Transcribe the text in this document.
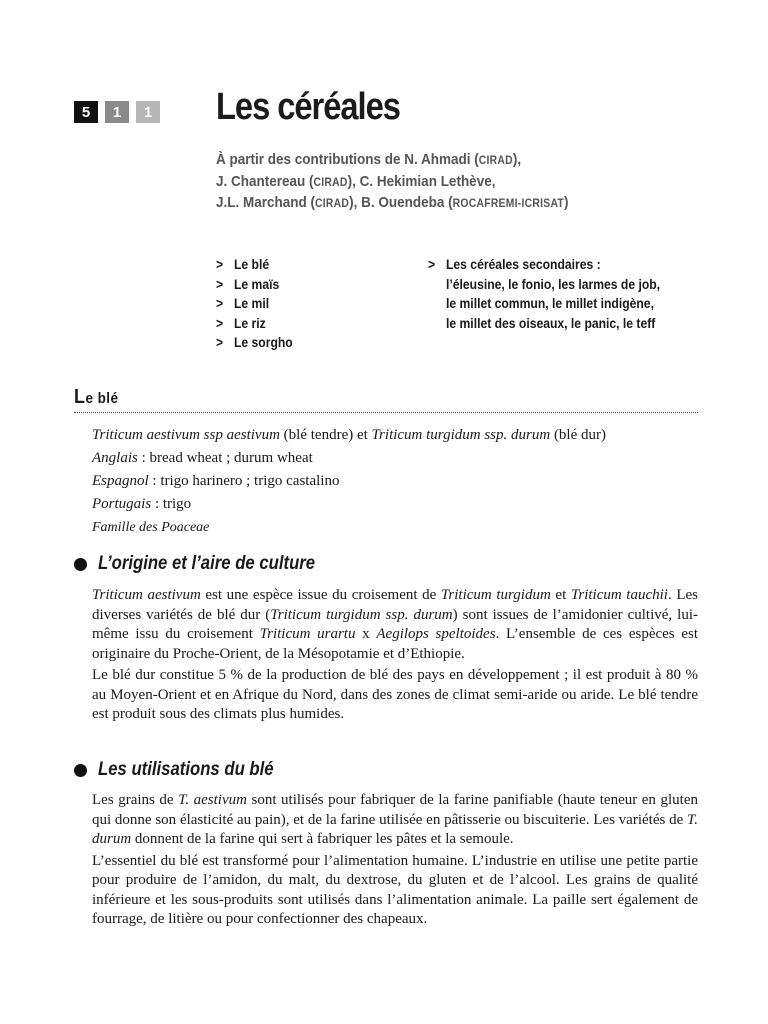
5	1	1 Les céréales
À partir des contributions de N. Ahmadi (CIRAD),
J. Chantereau (CIRAD), C. Hekimian Lethève,
J.L. Marchand (CIRAD), B. Ouendeba (ROCAFREMI-ICRISAT)
> Le blé
> Le maïs
> Le mil
> Le riz
> Le sorgho
> Les céréales secondaires :
l’éleusine, le fonio, les larmes de job,
le millet commun, le millet indigène,
le millet des oiseaux, le panic, le teff
Le blé
Triticum aestivum ssp aestivum (blé tendre) et Triticum turgidum ssp. durum (blé dur)
Anglais : bread wheat ; durum wheat
Espagnol : trigo harinero ; trigo castalino
Portugais : trigo
Famille des Poaceae
L’origine et l’aire de culture

Triticum aestivum est une espèce issue du croisement de Triticum turgidum et Triticum tauchii. Les diverses variétés de blé dur (Triticum turgidum ssp. durum) sont issues de l’amidonier cultivé, lui-même issu du croisement Triticum urartu x Aegilops speltoides. L’ensemble de ces espèces est originaire du Proche-Orient, de la Mésopotamie et d’Ethiopie.

Le blé dur constitue 5 % de la production de blé des pays en développement ; il est produit à 80 % au Moyen-Orient et en Afrique du Nord, dans des zones de climat semi-aride ou aride. Le blé tendre est produit sous des climats plus humides.

Les utilisations du blé

Les grains de T. aestivum sont utilisés pour fabriquer de la farine panifiable (haute teneur en gluten qui donne son élasticité au pain), et de la farine utilisée en pâtisserie ou biscuiterie. Les variétés de T. durum donnent de la farine qui sert à fabriquer les pâtes et la semoule.

L’essentiel du blé est transformé pour l’alimentation humaine. L’industrie en utilise une petite partie pour produire de l’amidon, du malt, du dextrose, du gluten et de l’alcool. Les grains de qualité inférieure et les sous-produits sont utilisés dans l’alimentation animale. La paille sert également de fourrage, de litière ou pour confectionner des chapeaux.
